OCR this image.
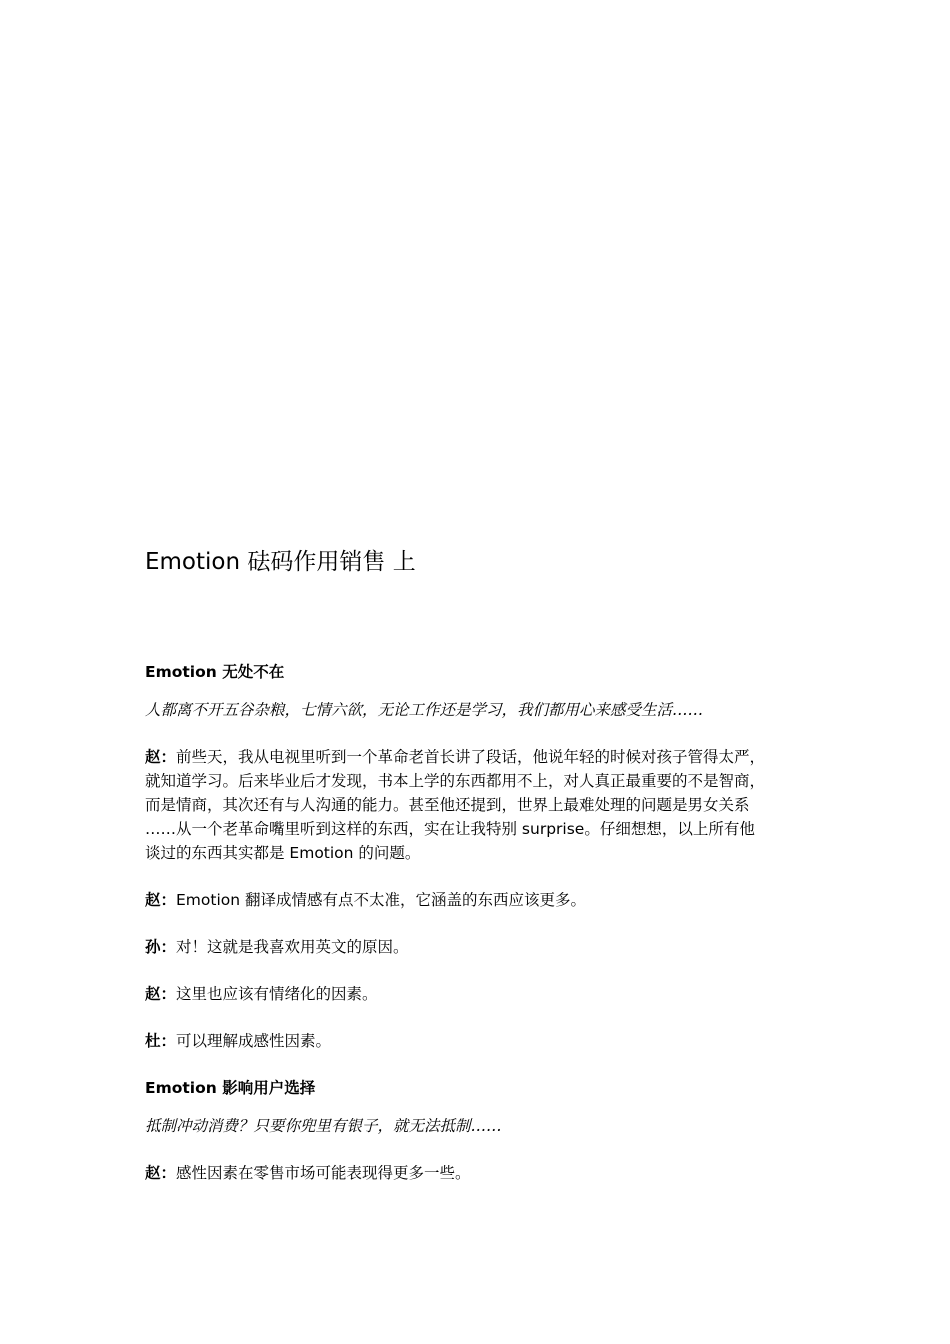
Emotion 砝码作用销售 上
Emotion 无处不在
人都离不开五谷杂粮，七情六欲，无论工作还是学习，我们都用心来感受生活……
赵：前些天，我从电视里听到一个革命老首长讲了段话，他说年轻的时候对孩子管得太严，
就知道学习。后来毕业后才发现，书本上学的东西都用不上，对人真正最重要的不是智商，
而是情商，其次还有与人沟通的能力。甚至他还提到，世界上最难处理的问题是男女关系
……从一个老革命嘴里听到这样的东西，实在让我特别 surprise。仔细想想，以上所有他
谈过的东西其实都是 Emotion 的问题。
赵：Emotion 翻译成情感有点不太准，它涵盖的东西应该更多。
孙：对！这就是我喜欢用英文的原因。
赵：这里也应该有情绪化的因素。
杜：可以理解成感性因素。
Emotion 影响用户选择
抵制冲动消费？只要你兜里有银子，就无法抵制……
赵：感性因素在零售市场可能表现得更多一些。
